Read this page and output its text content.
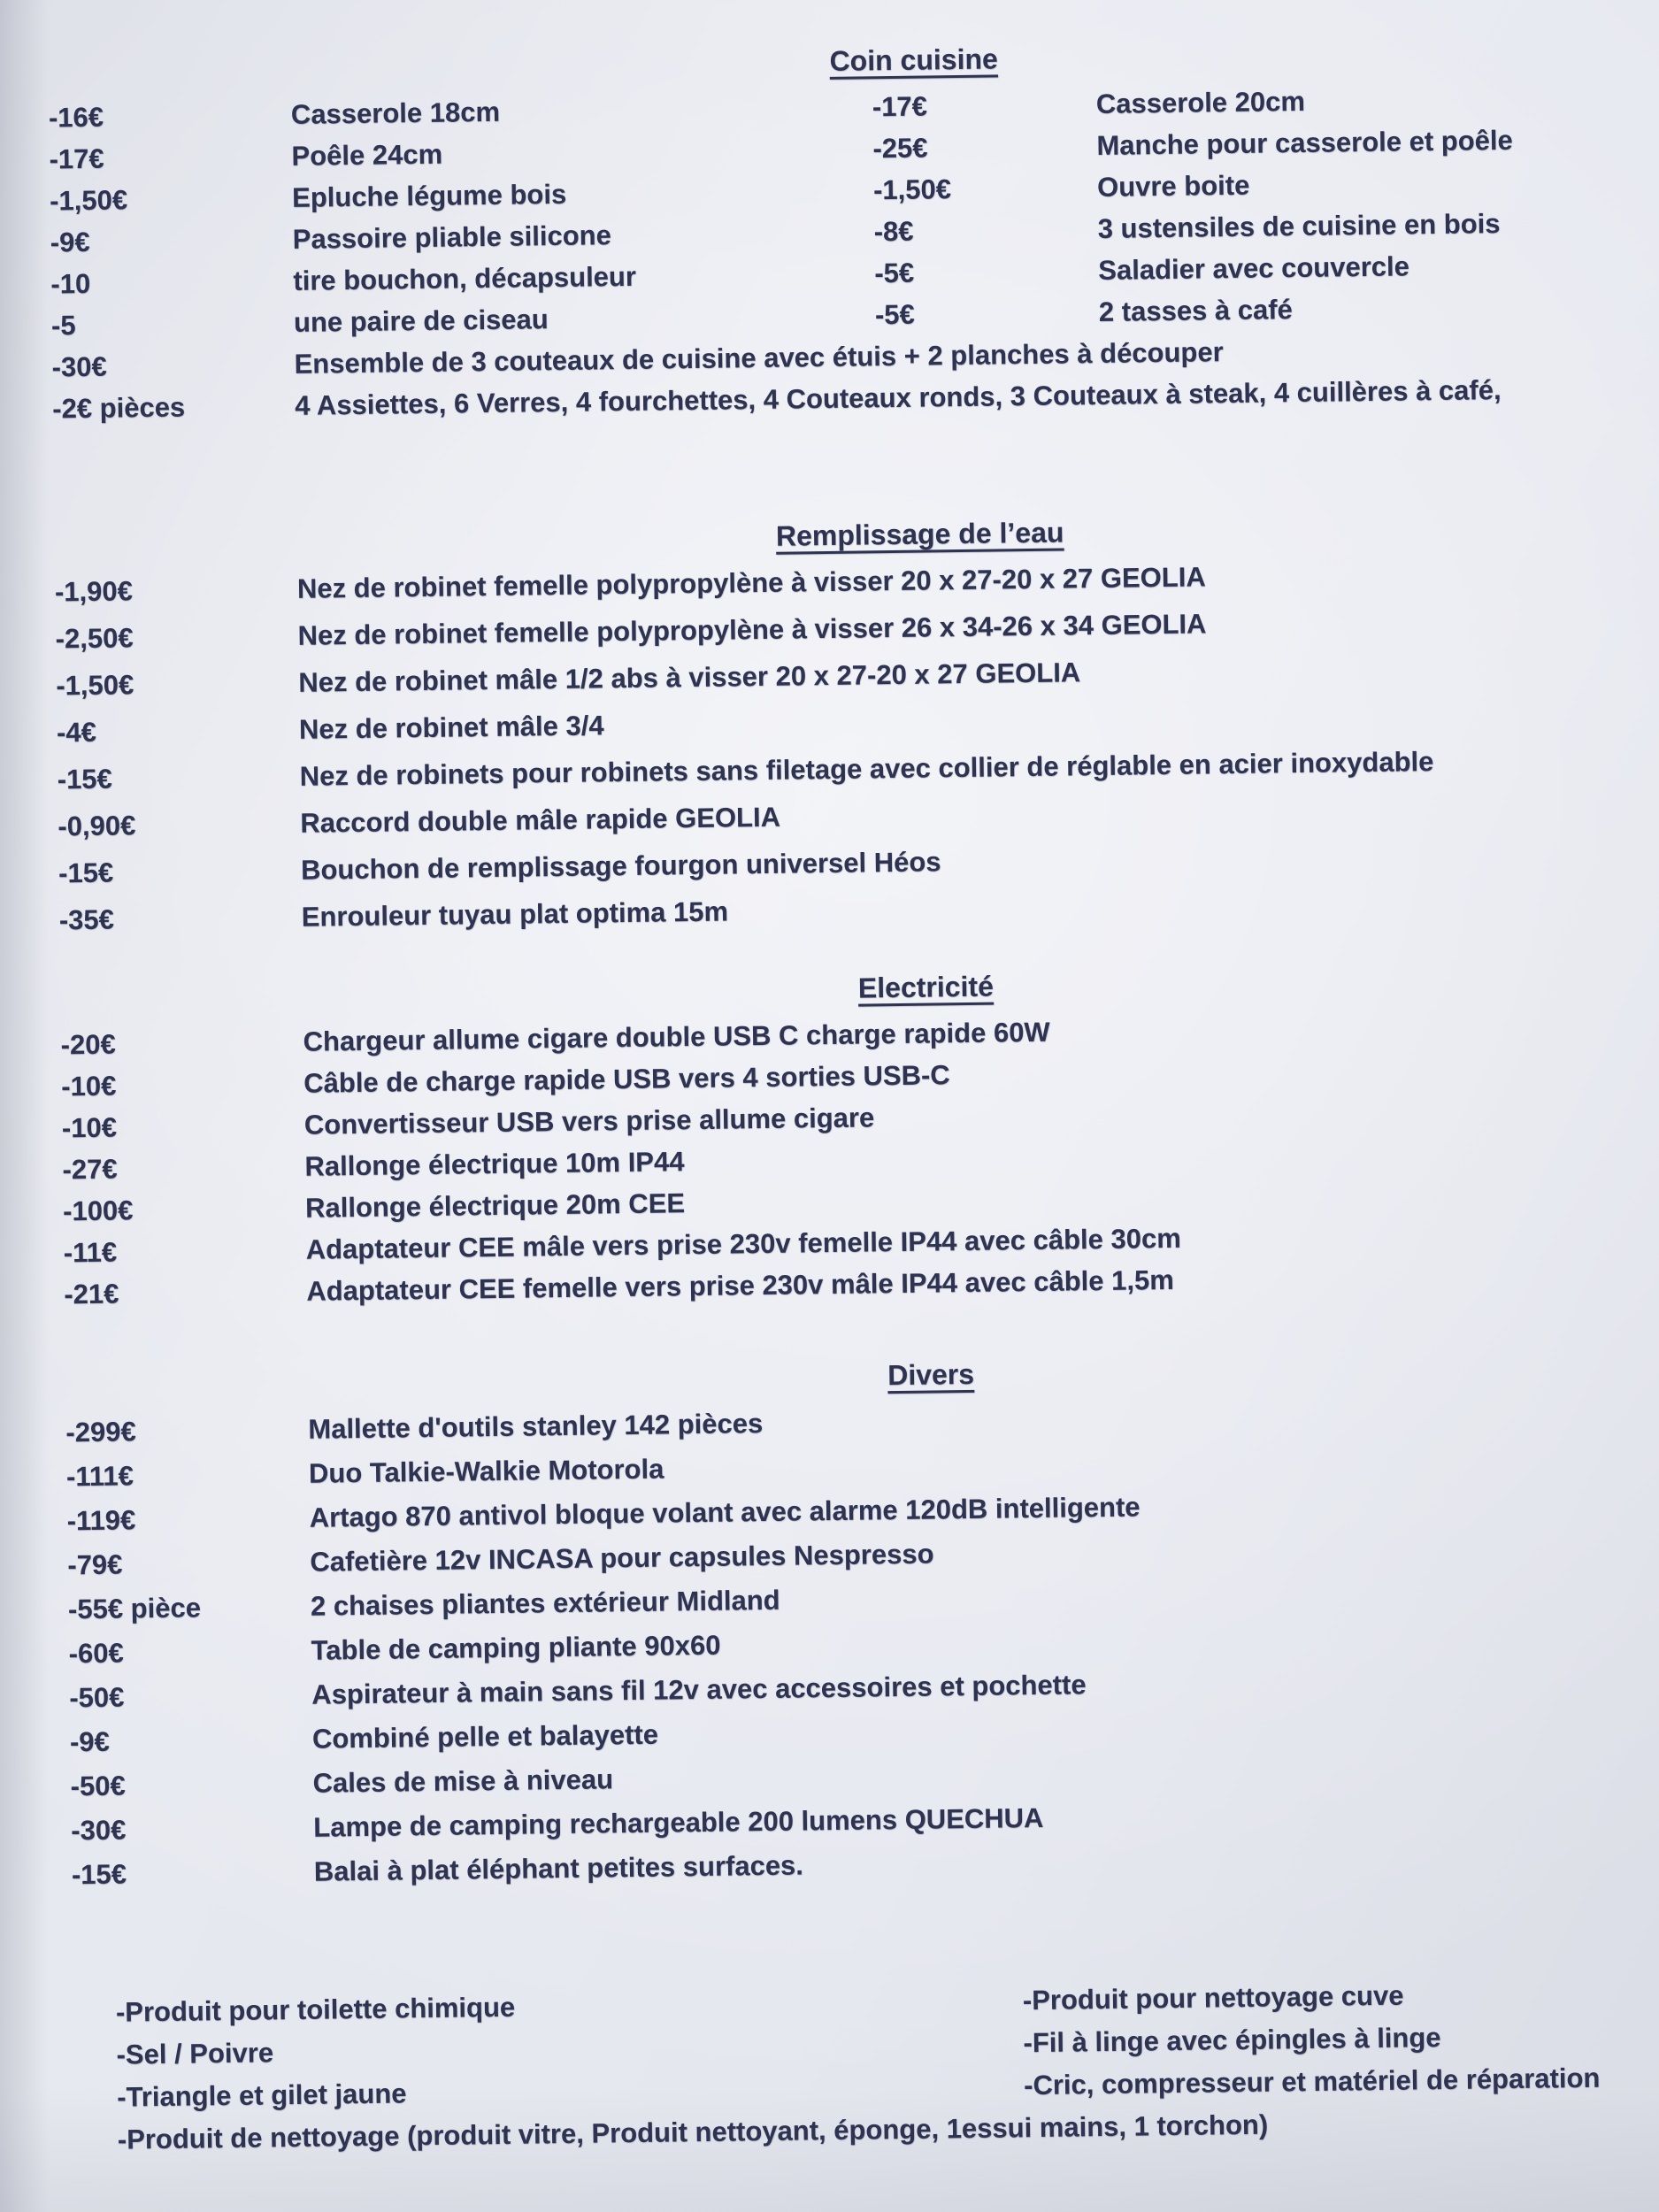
Coin cuisine
-16€	Casserole 18cm	-17€	Casserole 20cm
-17€	Poêle 24cm	-25€	Manche pour casserole et poêle
-1,50€	Epluche légume bois	-1,50€	Ouvre boite
-9€	Passoire pliable silicone	-8€	3 ustensiles de cuisine en bois
-10	tire bouchon, décapsuleur	-5€	Saladier avec couvercle
-5	une paire de ciseau	-5€	2 tasses à café
-30€	Ensemble de 3 couteaux de cuisine avec étuis + 2 planches à découper
-2€ pièces	4 Assiettes, 6 Verres, 4 fourchettes, 4 Couteaux ronds, 3 Couteaux à steak, 4 cuillères à café,
Remplissage de l’eau
-1,90€	Nez de robinet femelle polypropylène à visser 20 x 27-20 x 27 GEOLIA
-2,50€	Nez de robinet femelle polypropylène à visser 26 x 34-26 x 34 GEOLIA
-1,50€	Nez de robinet mâle 1/2 abs à visser 20 x 27-20 x 27 GEOLIA
-4€	Nez de robinet mâle 3/4
-15€	Nez de robinets pour robinets sans filetage avec collier de réglable en acier inoxydable
-0,90€	Raccord double mâle rapide GEOLIA
-15€	Bouchon de remplissage fourgon universel Héos
-35€	Enrouleur tuyau plat optima 15m
Electricité
-20€	Chargeur allume cigare double USB C charge rapide 60W
-10€	Câble de charge rapide USB vers 4 sorties USB-C
-10€	Convertisseur USB vers prise allume cigare
-27€	Rallonge électrique 10m IP44
-100€	Rallonge électrique 20m CEE
-11€	Adaptateur CEE mâle vers prise 230v femelle IP44 avec câble 30cm
-21€	Adaptateur CEE femelle vers prise 230v mâle IP44 avec câble 1,5m
Divers
-299€	Mallette d'outils stanley 142 pièces
-111€	Duo Talkie-Walkie Motorola
-119€	Artago 870 antivol bloque volant avec alarme 120dB intelligente
-79€	Cafetière 12v INCASA pour capsules Nespresso
-55€ pièce	2 chaises pliantes extérieur Midland
-60€	Table de camping pliante 90x60
-50€	Aspirateur à main sans fil 12v avec accessoires et pochette
-9€	Combiné pelle et balayette
-50€	Cales de mise à niveau
-30€	Lampe de camping rechargeable 200 lumens QUECHUA
-15€	Balai à plat éléphant petites surfaces.
-Produit pour toilette chimique
-Sel / Poivre
-Triangle et gilet jaune
-Produit de nettoyage (produit vitre, Produit nettoyant, éponge, 1essui mains, 1 torchon)
-Produit pour nettoyage cuve
-Fil à linge avec épingles à linge
-Cric, compresseur et matériel de réparation
